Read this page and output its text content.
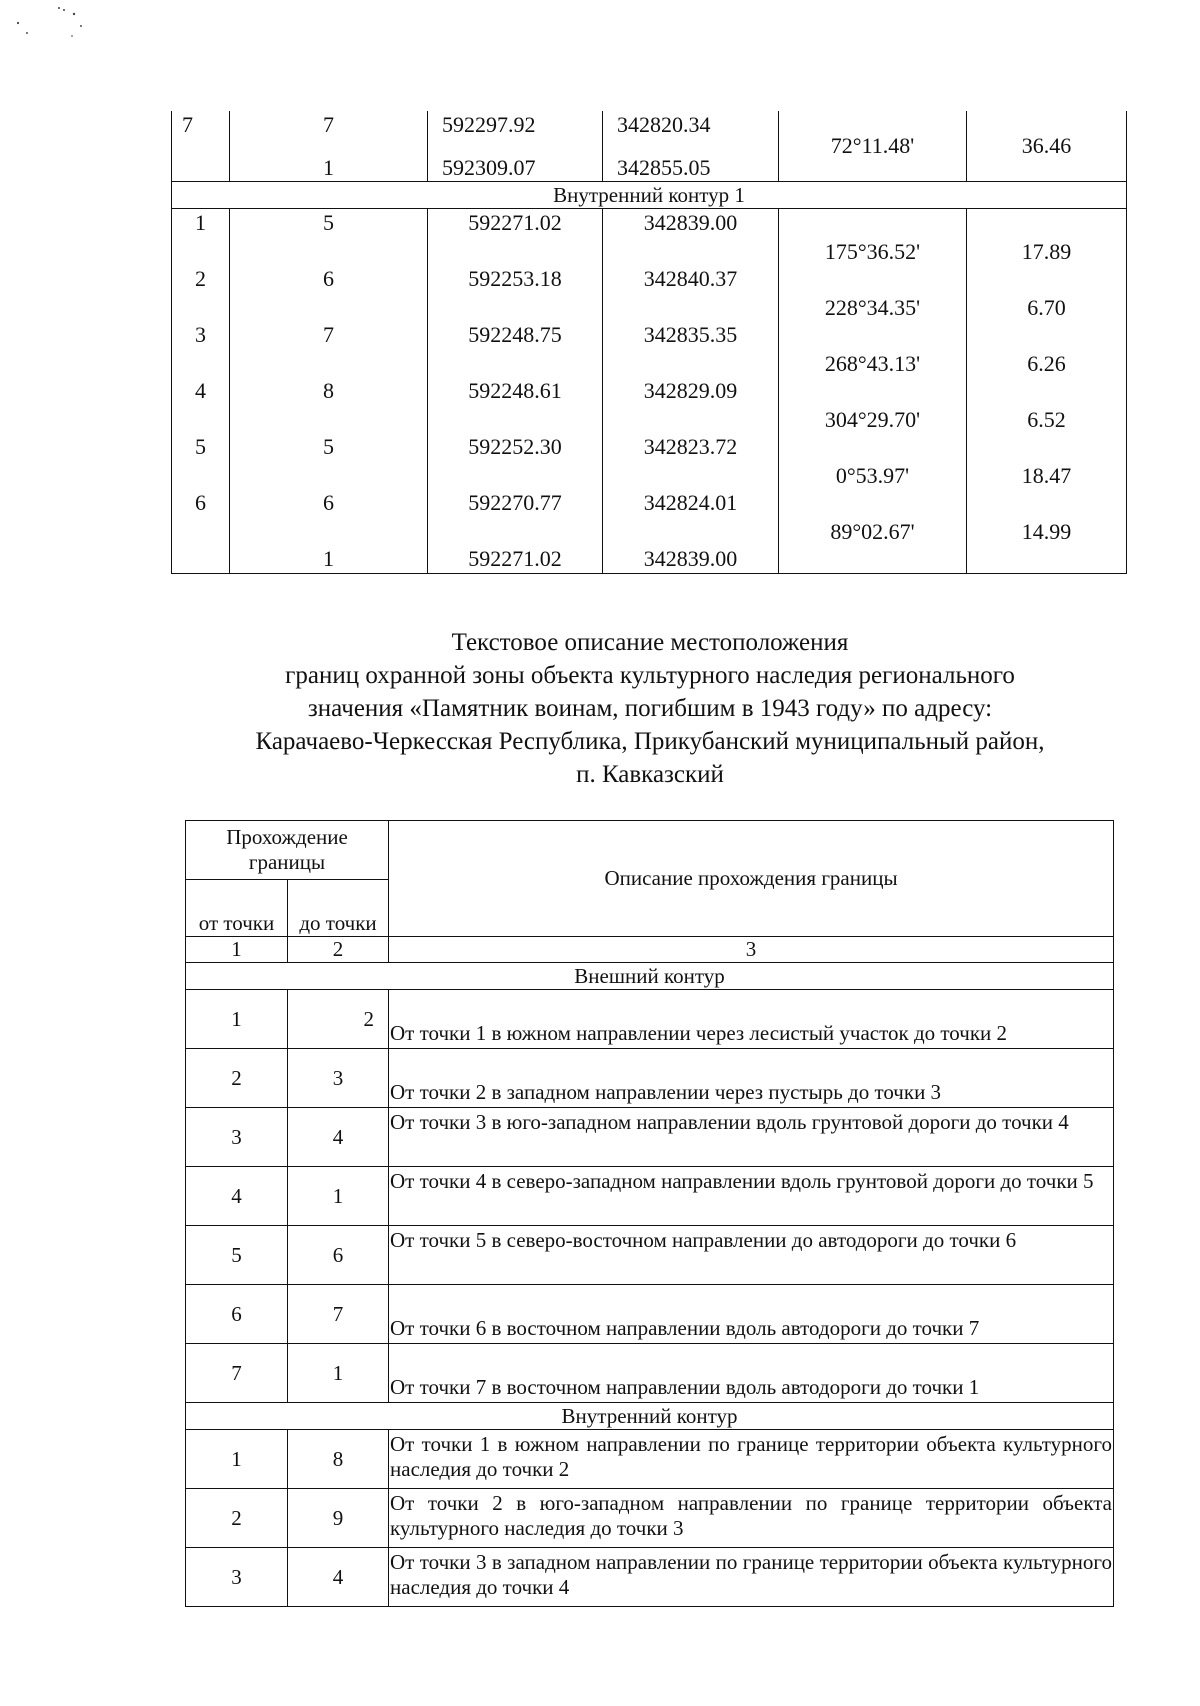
7	7	592297.92	342820.34	72°11.48'	36.46
	1	592309.07	342855.05		
Внутренний контур 1					
1	5	592271.02	342839.00	175°36.52'	17.89

2	6	592253.18	342840.37	228°34.35'	6.70

3	7	592248.75	342835.35	268°43.13'	6.26

4	8	592248.61	342829.09	304°29.70'	6.52

5	5	592252.30	342823.72	0°53.97'	18.47

6	6	592270.77	342824.01	89°02.67'	14.99

	1	592271.02	342839.00		
Текстовое описание местоположения
границ охранной зоны объекта культурного наследия регионального
значения «Памятник воинам, погибшим в 1943 году» по адресу:
Карачаево-Черкесская Республика, Прикубанский муниципальный район,
п. Кавказский
Прохождение границы		Описание прохождения границы
от точки	до точки	
1	2	3
Внешний контур		
1	2	От точки 1 в южном направлении через лесистый участок до точки 2
2	3	От точки 2 в западном направлении через пустырь до точки 3
3	4	От точки 3 в юго-западном направлении вдоль грунтовой дороги до точки 4
4	1	От точки 4 в северо-западном направлении вдоль грунтовой дороги до точки 5
5	6	От точки 5 в северо-восточном направлении до автодороги до точки 6
6	7	От точки 6 в восточном направлении вдоль автодороги до точки 7
7	1	От точки 7 в восточном направлении вдоль автодороги до точки 1
Внутренний контур		
1	8	От точки 1 в южном направлении по границе территории объекта культурного наследия до точки 2
2	9	От точки 2 в юго-западном направлении по границе территории объекта культурного наследия до точки 3
3	4	От точки 3 в западном направлении по границе территории объекта культурного наследия до точки 4
